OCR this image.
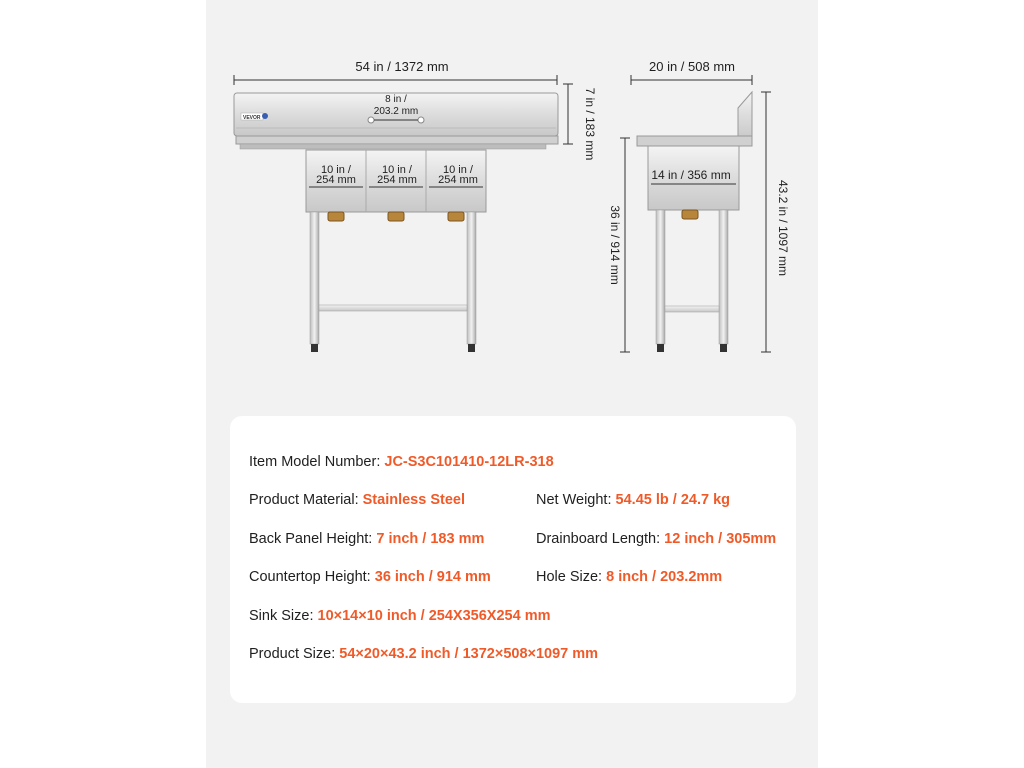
54 in / 1372 mm
VEVOR
8 in /
203.2 mm	7 in / 183 mm
10 in /
254 mm
10 in /
254 mm
10 in /
254 mm
20 in / 508 mm
14 in / 356 mm
36 in / 914 mm	43.2 in / 1097 mm
Item Model Number: JC-S3C101410-12LR-318
Product Material: Stainless Steel	Net Weight: 54.45 lb / 24.7 kg
Back Panel Height: 7 inch / 183 mm	Drainboard Length: 12 inch / 305mm
Countertop Height: 36 inch / 914 mm	Hole Size: 8 inch / 203.2mm
Sink Size: 10×14×10 inch / 254X356X254 mm
Product Size: 54×20×43.2 inch / 1372×508×1097 mm
